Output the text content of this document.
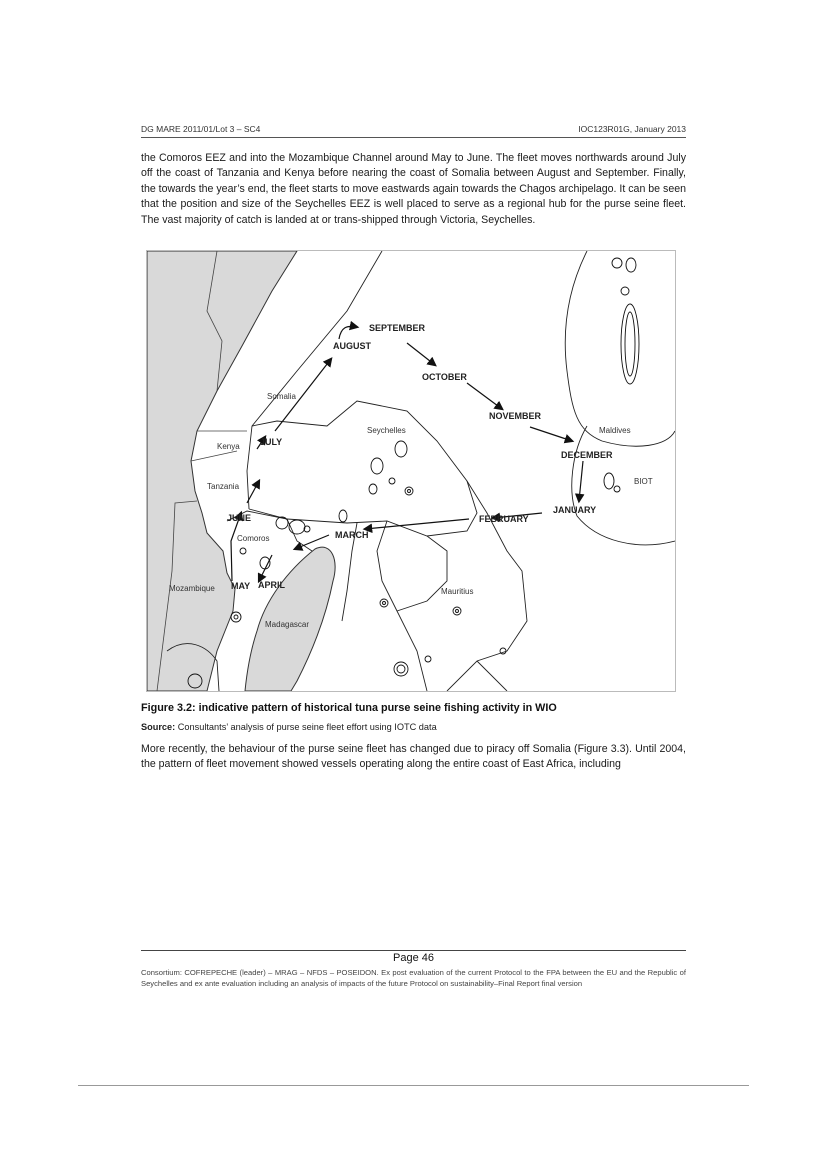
DG MARE 2011/01/Lot 3 – SC4	IOC123R01G, January 2013
the Comoros EEZ and into the Mozambique Channel around May to June. The fleet moves northwards around July off the coast of Tanzania and Kenya before nearing the coast of Somalia between August and September. Finally, the towards the year’s end, the fleet starts to move eastwards again towards the Chagos archipelago. It can be seen that the position and size of the Seychelles EEZ is well placed to serve as a regional hub for the purse seine fleet. The vast majority of catch is landed at or trans-shipped through Victoria, Seychelles.
SEPTEMBER
AUGUST
OCTOBER
NOVEMBER
DECEMBER
JANUARY
FEBRUARY
MARCH
APRIL
MAY
JUNE
JULY
Somalia
Kenya
Tanzania
Comoros
Mozambique
Madagascar
Seychelles
Mauritius
Maldives
BIOT
Figure 3.2: indicative pattern of historical tuna purse seine fishing activity in WIO
Source: Consultants’ analysis of purse seine fleet effort using IOTC data
More recently, the behaviour of the purse seine fleet has changed due to piracy off Somalia (Figure 3.3). Until 2004, the pattern of fleet movement showed vessels operating along the entire coast of East Africa, including
Page 46
Consortium: COFREPECHE (leader) – MRAG – NFDS – POSEIDON. Ex post evaluation of the current Protocol to the FPA between the EU and the Republic of Seychelles and ex ante evaluation including an analysis of impacts of the future Protocol on sustainability–Final Report final version
